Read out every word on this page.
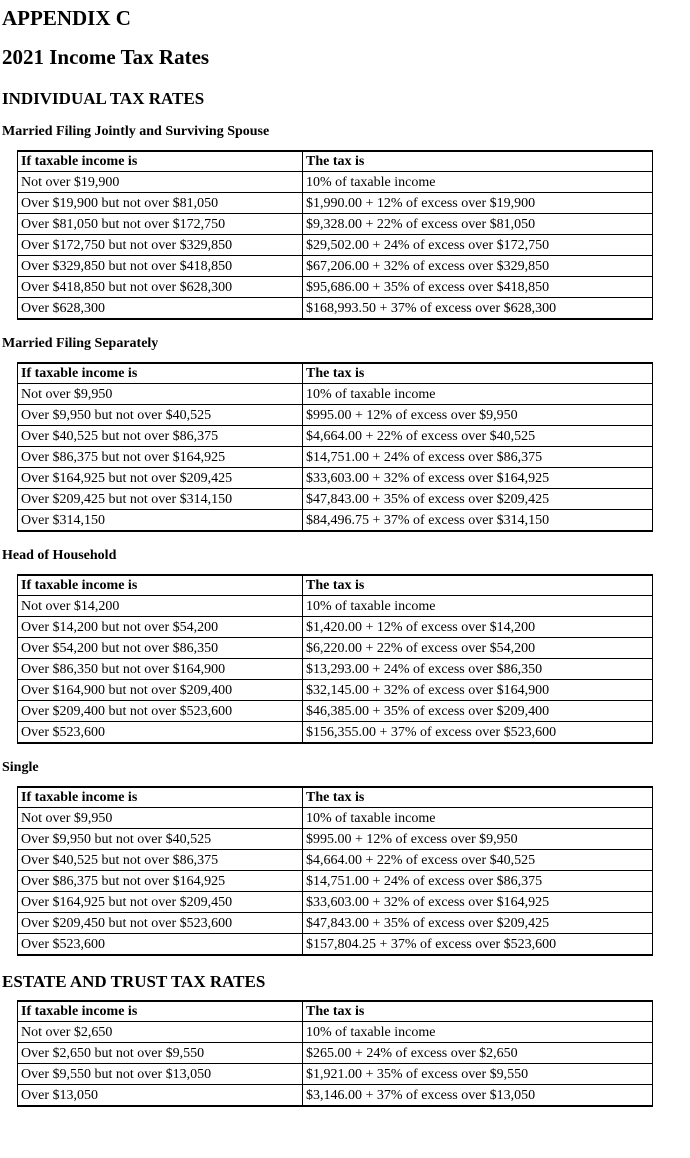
APPENDIX C
2021 Income Tax Rates
INDIVIDUAL TAX RATES
Married Filing Jointly and Surviving Spouse
If taxable income is	The tax is
Not over $19,900	10% of taxable income
Over $19,900 but not over $81,050	$1,990.00 + 12% of excess over $19,900
Over $81,050 but not over $172,750	$9,328.00 + 22% of excess over $81,050
Over $172,750 but not over $329,850	$29,502.00 + 24% of excess over $172,750
Over $329,850 but not over $418,850	$67,206.00 + 32% of excess over $329,850
Over $418,850 but not over $628,300	$95,686.00 + 35% of excess over $418,850
Over $628,300	$168,993.50 + 37% of excess over $628,300
Married Filing Separately
If taxable income is	The tax is
Not over $9,950	10% of taxable income
Over $9,950 but not over $40,525	$995.00 + 12% of excess over $9,950
Over $40,525 but not over $86,375	$4,664.00 + 22% of excess over $40,525
Over $86,375 but not over $164,925	$14,751.00 + 24% of excess over $86,375
Over $164,925 but not over $209,425	$33,603.00 + 32% of excess over $164,925
Over $209,425 but not over $314,150	$47,843.00 + 35% of excess over $209,425
Over $314,150	$84,496.75 + 37% of excess over $314,150
Head of Household
If taxable income is	The tax is
Not over $14,200	10% of taxable income
Over $14,200 but not over $54,200	$1,420.00 + 12% of excess over $14,200
Over $54,200 but not over $86,350	$6,220.00 + 22% of excess over $54,200
Over $86,350 but not over $164,900	$13,293.00 + 24% of excess over $86,350
Over $164,900 but not over $209,400	$32,145.00 + 32% of excess over $164,900
Over $209,400 but not over $523,600	$46,385.00 + 35% of excess over $209,400
Over $523,600	$156,355.00 + 37% of excess over $523,600
Single
If taxable income is	The tax is
Not over $9,950	10% of taxable income
Over $9,950 but not over $40,525	$995.00 + 12% of excess over $9,950
Over $40,525 but not over $86,375	$4,664.00 + 22% of excess over $40,525
Over $86,375 but not over $164,925	$14,751.00 + 24% of excess over $86,375
Over $164,925 but not over $209,450	$33,603.00 + 32% of excess over $164,925
Over $209,450 but not over $523,600	$47,843.00 + 35% of excess over $209,425
Over $523,600	$157,804.25 + 37% of excess over $523,600
ESTATE AND TRUST TAX RATES
If taxable income is	The tax is
Not over $2,650	10% of taxable income
Over $2,650 but not over $9,550	$265.00 + 24% of excess over $2,650
Over $9,550 but not over $13,050	$1,921.00 + 35% of excess over $9,550
Over $13,050	$3,146.00 + 37% of excess over $13,050
